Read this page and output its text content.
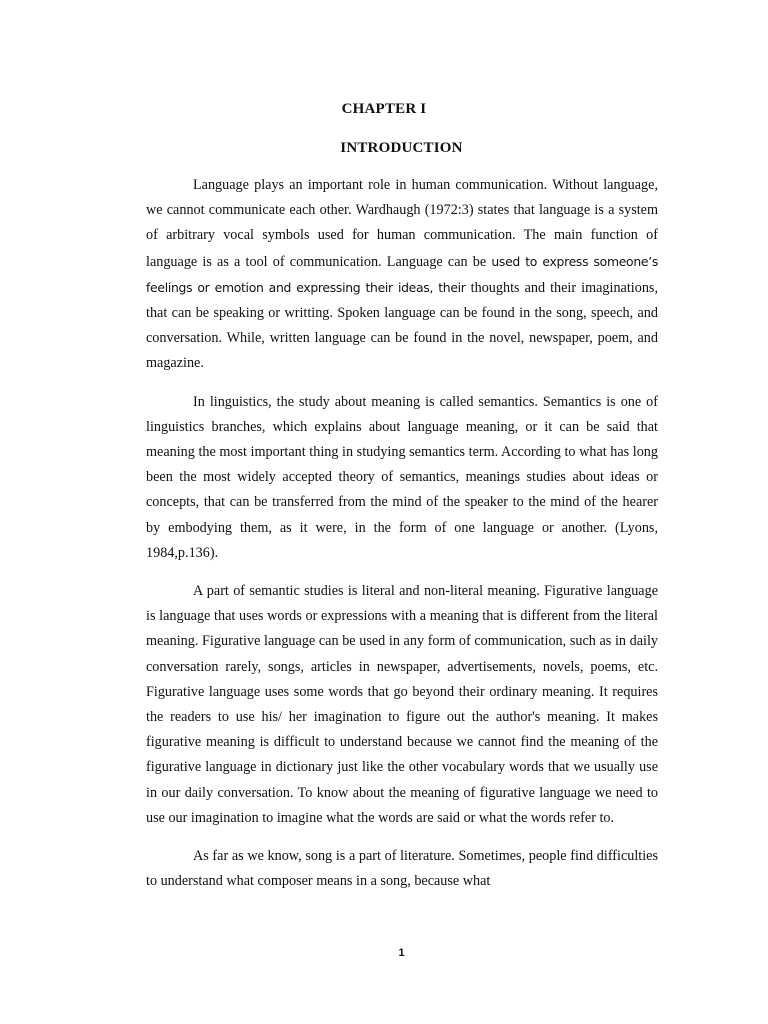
CHAPTER I
INTRODUCTION

Language plays an important role in human communication. Without language, we cannot communicate each other. Wardhaugh (1972:3) states that language is a system of arbitrary vocal symbols used for human communication. The main function of language is as a tool of communication. Language can be used to express someone’s feelings or emotion and expressing their ideas, their thoughts and their imaginations, that can be speaking or writting. Spoken language can be found in the song, speech, and conversation. While, written language can be found in the novel, newspaper, poem, and magazine.

In linguistics, the study about meaning is called semantics. Semantics is one of linguistics branches, which explains about language meaning, or it can be said that meaning the most important thing in studying semantics term. According to what has long been the most widely accepted theory of semantics, meanings studies about ideas or concepts, that can be transferred from the mind of the speaker to the mind of the hearer by embodying them, as it were, in the form of one language or another. (Lyons, 1984,p.136).

A part of semantic studies is literal and non-literal meaning. Figurative language is language that uses words or expressions with a meaning that is different from the literal meaning. Figurative language can be used in any form of communication, such as in daily conversation rarely, songs, articles in newspaper, advertisements, novels, poems, etc. Figurative language uses some words that go beyond their ordinary meaning. It requires the readers to use his/ her imagination to figure out the author's meaning. It makes figurative meaning is difficult to understand because we cannot find the meaning of the figurative language in dictionary just like the other vocabulary words that we usually use in our daily conversation. To know about the meaning of figurative language we need to use our imagination to imagine what the words are said or what the words refer to.

As far as we know, song is a part of literature. Sometimes, people find difficulties to understand what composer means in a song, because what

1
